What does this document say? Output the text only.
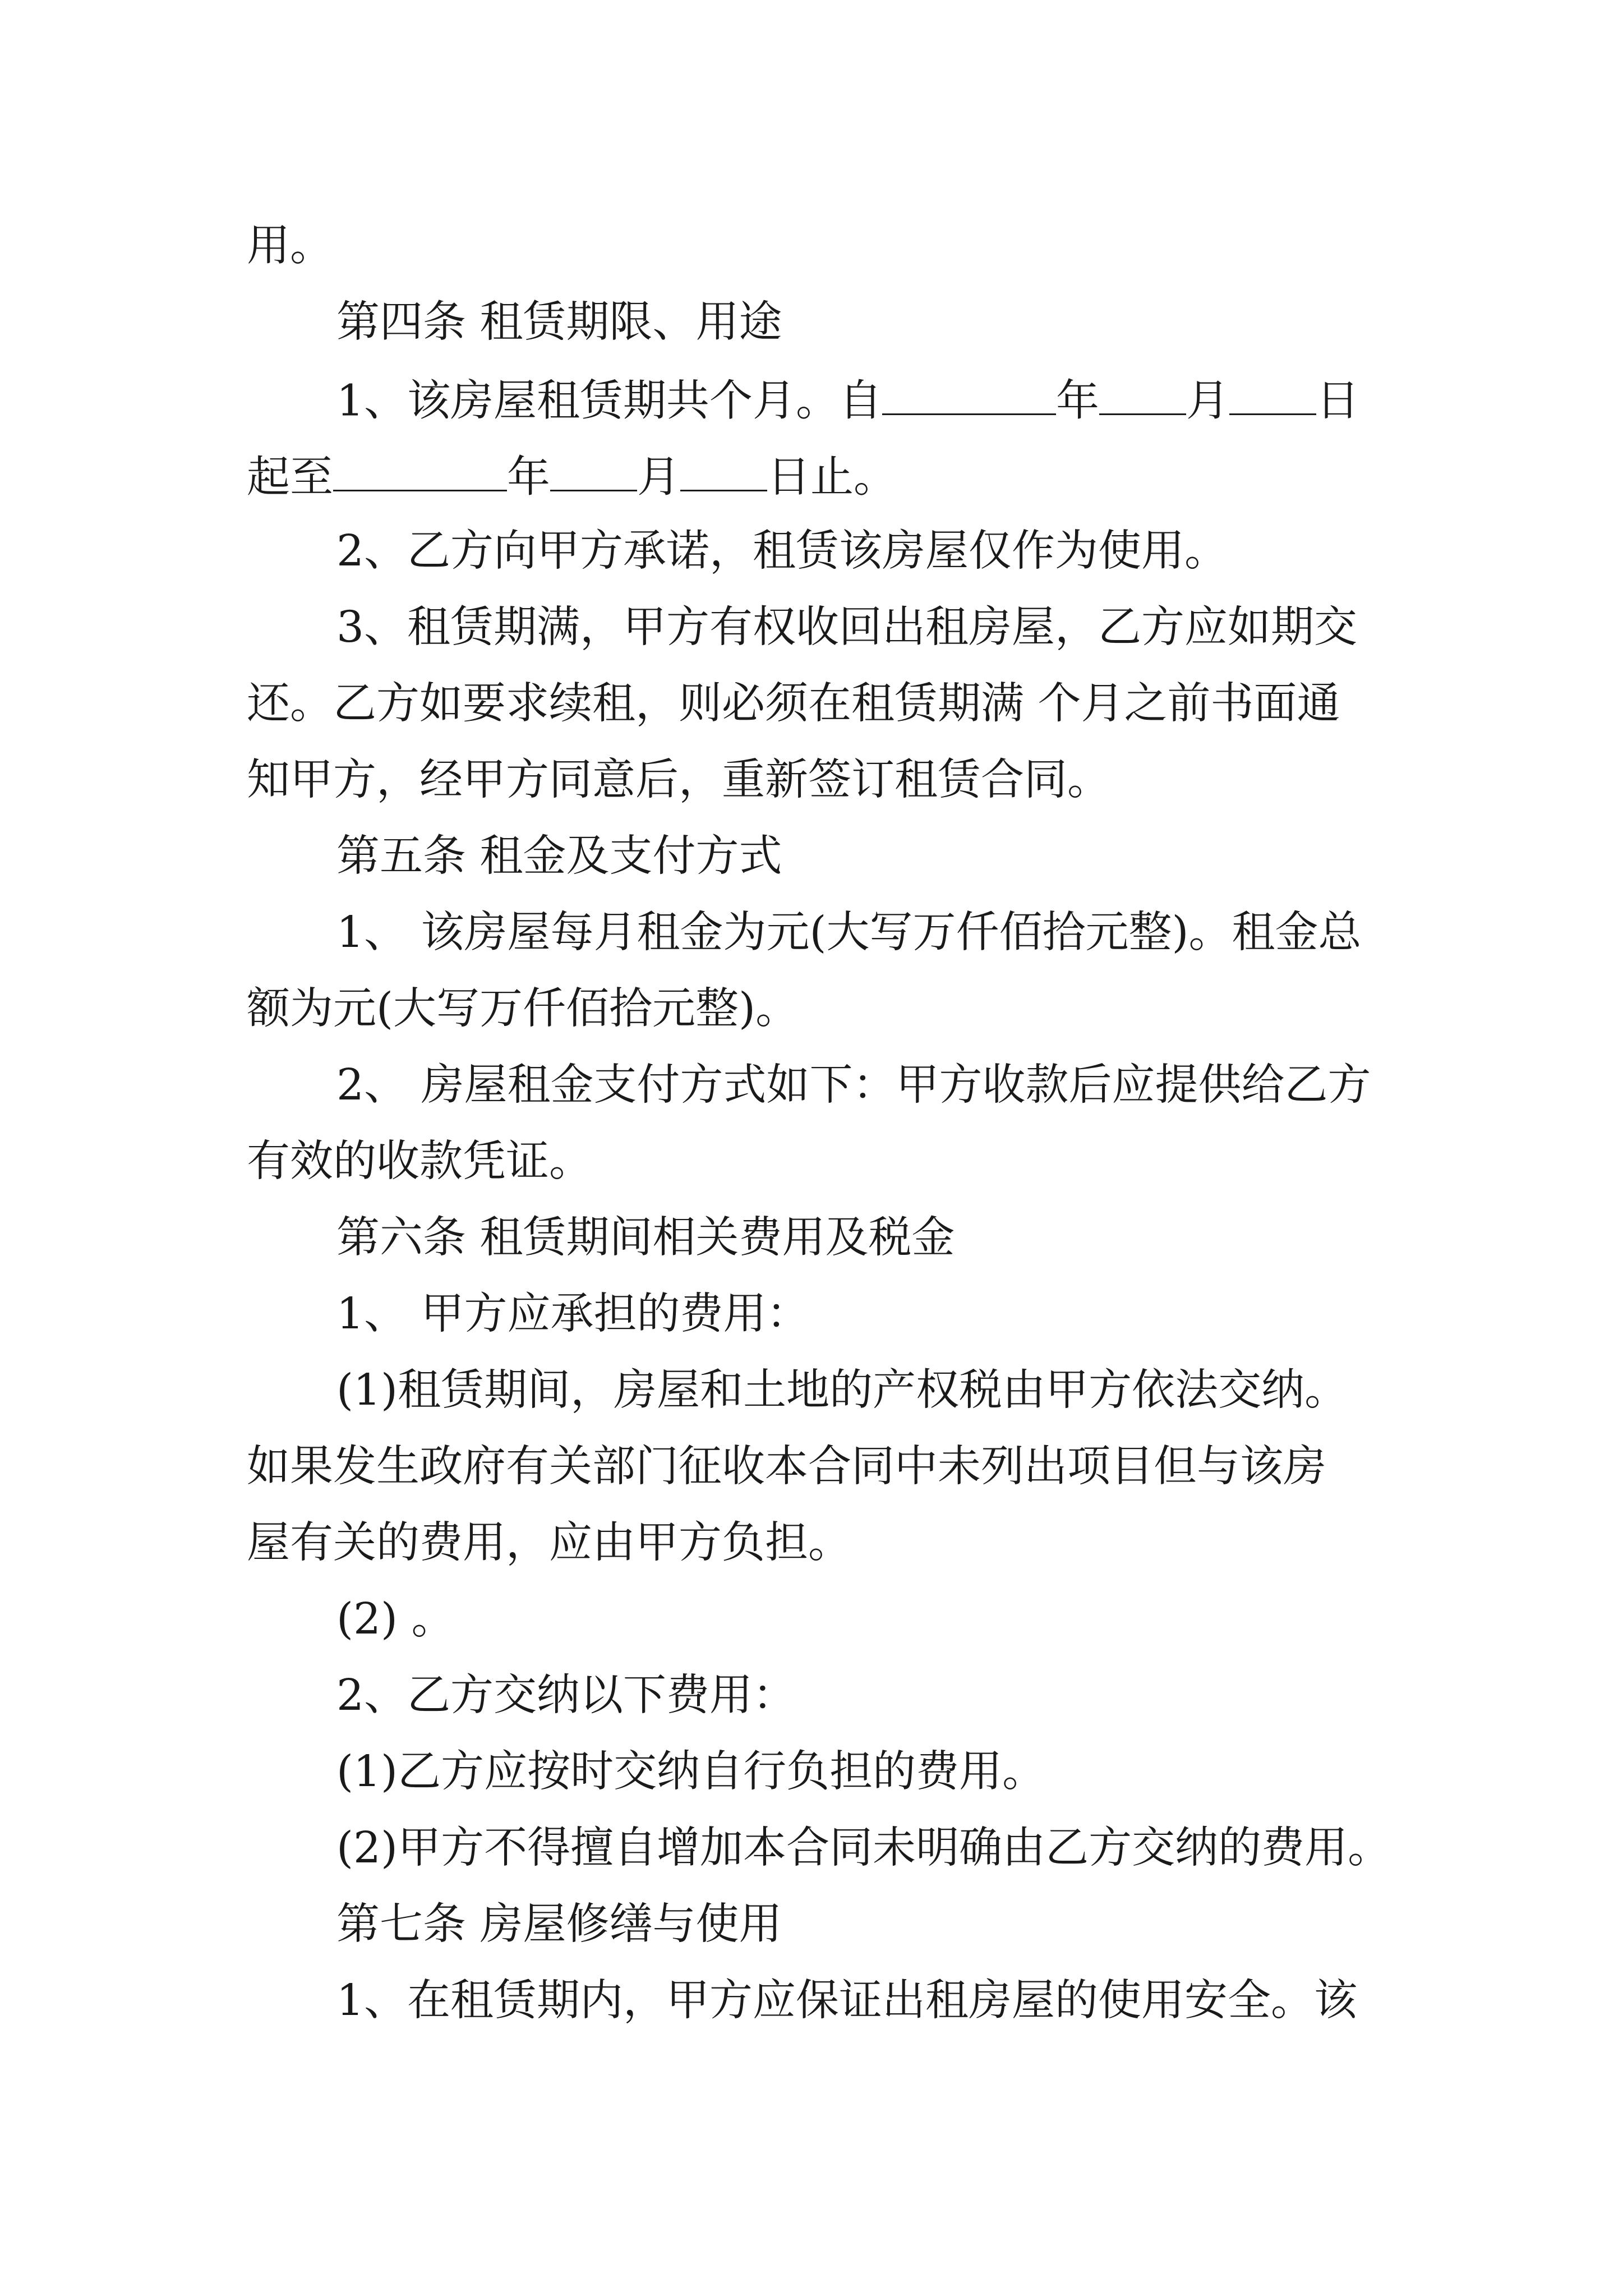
用。

第四条 租赁期限、用途

1、该房屋租赁期共个月。自	年 月 日

起至	年 月 日止。

2、乙方向甲方承诺，租赁该房屋仅作为使用。

3、租赁期满，甲方有权收回出租房屋，乙方应如期交

还。乙方如要求续租，则必须在租赁期满 个月之前书面通

知甲方，经甲方同意后，重新签订租赁合同。

第五条 租金及支付方式

1、 该房屋每月租金为元(大写万仟佰拾元整)。租金总

额为元(大写万仟佰拾元整)。

2、 房屋租金支付方式如下：甲方收款后应提供给乙方

有效的收款凭证。

第六条 租赁期间相关费用及税金

1、 甲方应承担的费用：

(1)租赁期间，房屋和土地的产权税由甲方依法交纳。

如果发生政府有关部门征收本合同中未列出项目但与该房

屋有关的费用，应由甲方负担。

(2) 。

2、乙方交纳以下费用：

(1)乙方应按时交纳自行负担的费用。

(2)甲方不得擅自增加本合同未明确由乙方交纳的费用。

第七条 房屋修缮与使用

1、在租赁期内，甲方应保证出租房屋的使用安全。该
